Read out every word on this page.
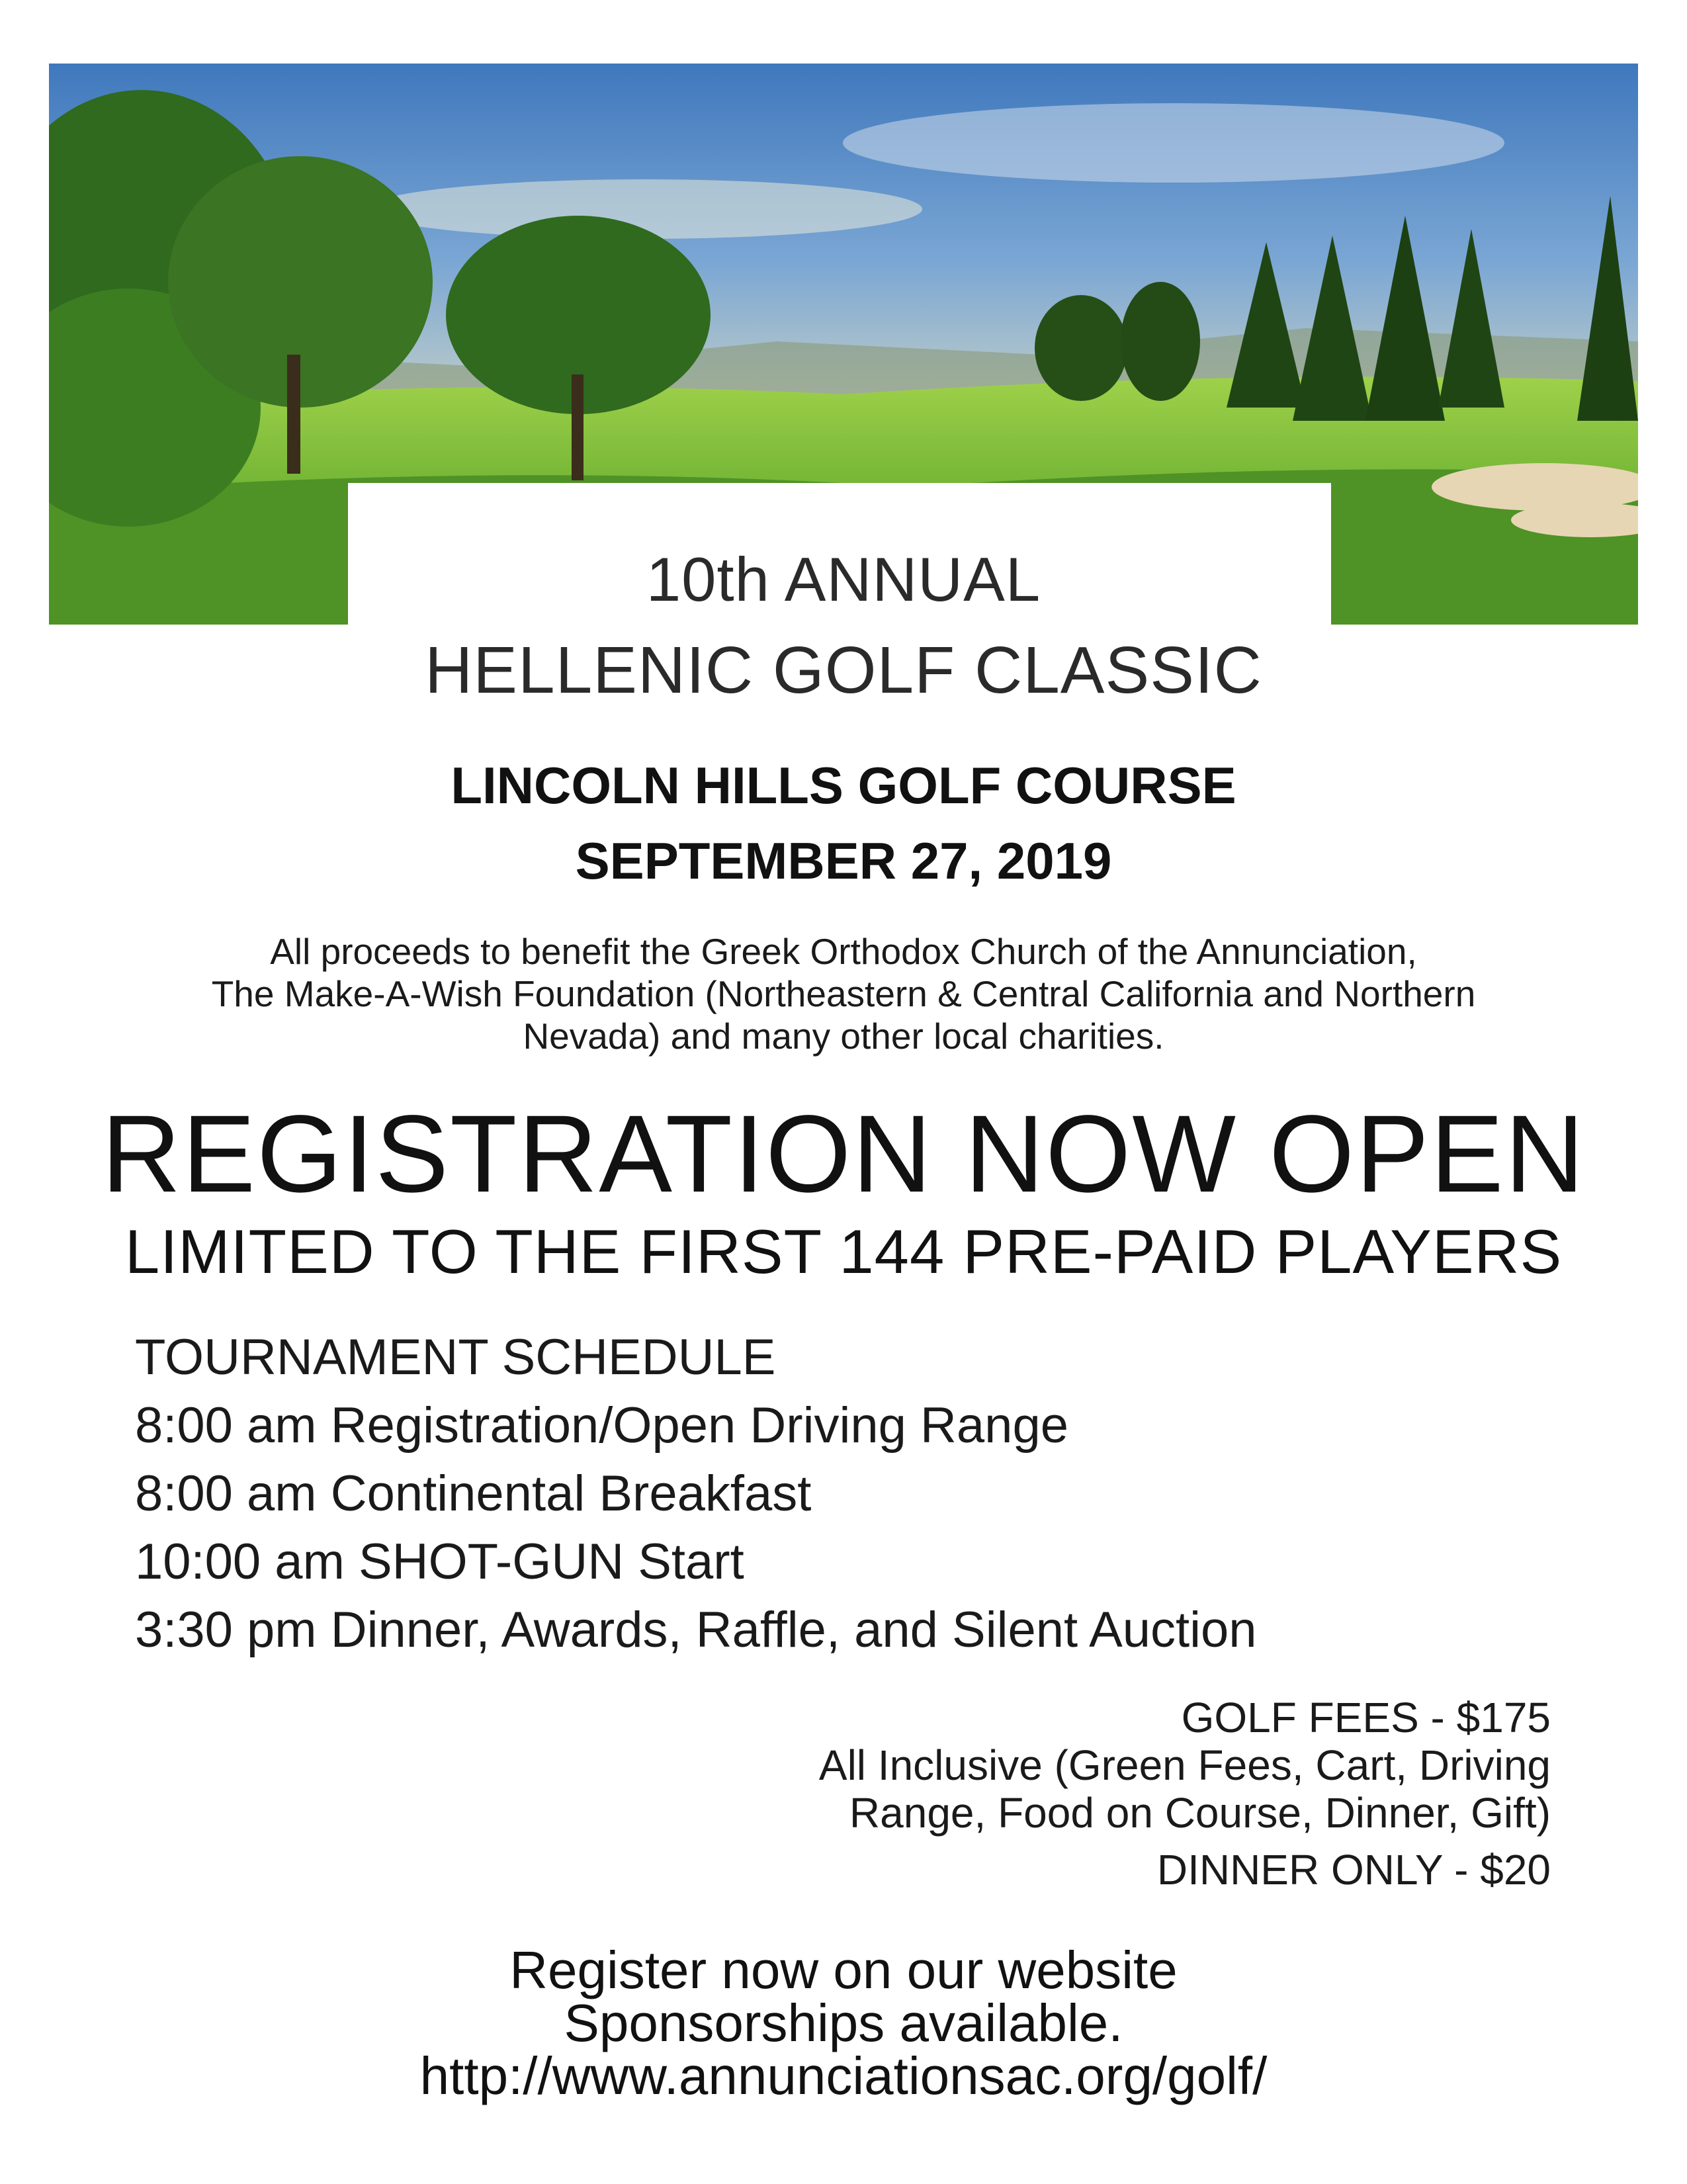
10th ANNUAL
HELLENIC GOLF CLASSIC
LINCOLN HILLS GOLF COURSE
SEPTEMBER 27, 2019
All proceeds to benefit the Greek Orthodox Church of the Annunciation,
The Make-A-Wish Foundation (Northeastern & Central California and Northern
Nevada) and many other local charities.
REGISTRATION NOW OPEN
LIMITED TO THE FIRST 144 PRE-PAID PLAYERS
TOURNAMENT SCHEDULE
8:00 am Registration/Open Driving Range
8:00 am Continental Breakfast
10:00 am SHOT-GUN Start
3:30 pm Dinner, Awards, Raffle, and Silent Auction
GOLF FEES - $175
All Inclusive (Green Fees, Cart, Driving
Range, Food on Course, Dinner, Gift)
DINNER ONLY - $20
Register now on our website
Sponsorships available.
http://www.annunciationsac.org/golf/
